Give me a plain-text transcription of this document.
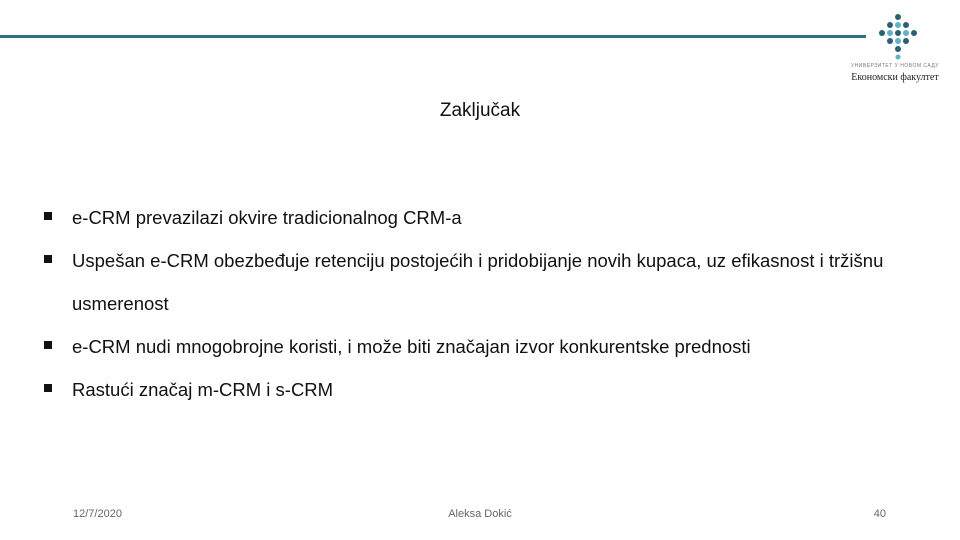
УНИВЕРЗИТЕТ У НОВОМ САДУ
Економски факултет
Zaključak
e-CRM prevazilazi okvire tradicionalnog CRM-a
Uspešan e-CRM obezbeđuje retenciju postojećih i pridobijanje novih kupaca, uz efikasnost i tržišnu usmerenost
e-CRM nudi mnogobrojne koristi, i može biti značajan izvor konkurentske prednosti
Rastući značaj m-CRM i s-CRM
12/7/2020	Aleksa Dokić	40
